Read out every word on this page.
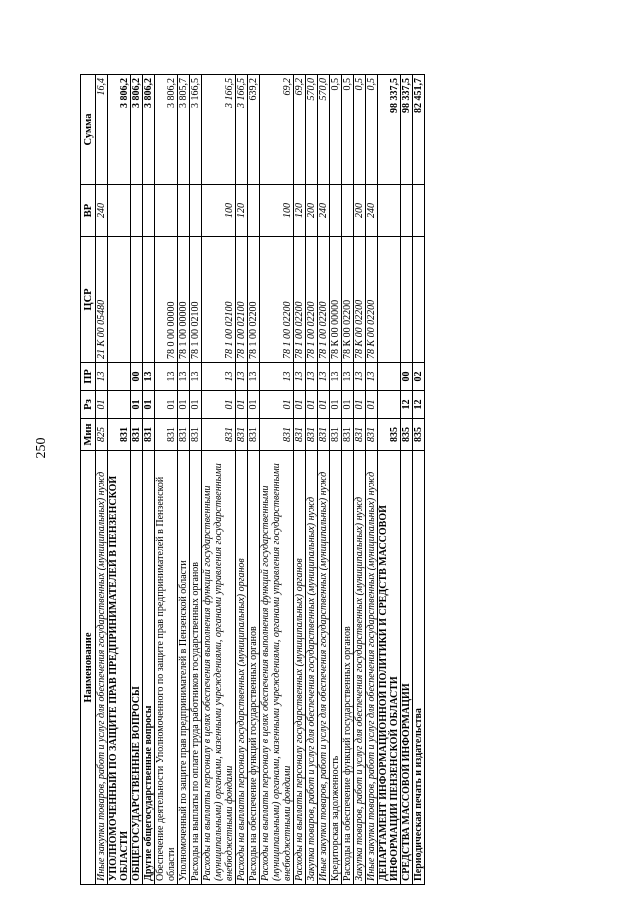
250
Наименование	Мин	Рз	ПР	ЦСР	ВР	Сумма
Иные закупки товаров, работ и услуг для обеспечения государственных (муниципальных) нужд	825	01	13	21 К 00 05480	240	16,4
УПОЛНОМОЧЕННЫЙ ПО ЗАЩИТЕ ПРАВ ПРЕДПРИНИМАТЕЛЕЙ В ПЕНЗЕНСКОЙ ОБЛАСТИ	831					3 806,2
ОБЩЕГОСУДАРСТВЕННЫЕ ВОПРОСЫ	831	01	00			3 806,2
Другие общегосударственные вопросы	831	01	13			3 806,2
Обеспечение деятельности Уполномоченного по защите прав предпринимателей в Пензенской области	831	01	13	78 0 00 00000		3 806,2
Уполномоченный по защите прав предпринимателей в Пензенской области	831	01	13	78 1 00 00000		3 805,7
Расходы на выплаты по оплате труда работников государственных органов	831	01	13	78 1 00 02100		3 166,5
Расходы на выплаты персоналу в целях обеспечения выполнения функций государственными (муниципальными) органами, казенными учреждениями, органами управления государственными внебюджетными фондами	831	01	13	78 1 00 02100	100	3 166,5
Расходы на выплаты персоналу государственных (муниципальных) органов	831	01	13	78 1 00 02100	120	3 166,5
Расходы на обеспечение функций государственных органов	831	01	13	78 1 00 02200		639,2
Расходы на выплаты персоналу в целях обеспечения выполнения функций государственными (муниципальными) органами, казенными учреждениями, органами управления государственными внебюджетными фондами	831	01	13	78 1 00 02200	100	69,2
Расходы на выплаты персоналу государственных (муниципальных) органов	831	01	13	78 1 00 02200	120	69,2
Закупка товаров, работ и услуг для обеспечения государственных (муниципальных) нужд	831	01	13	78 1 00 02200	200	570,0
Иные закупки товаров, работ и услуг для обеспечения государственных (муниципальных) нужд	831	01	13	78 1 00 02200	240	570,0
Кредиторская задолженность	831	01	13	78 К 00 00000		0,5
Расходы на обеспечение функций государственных органов	831	01	13	78 К 00 02200		0,5
Закупка товаров, работ и услуг для обеспечения государственных (муниципальных) нужд	831	01	13	78 К 00 02200	200	0,5
Иные закупки товаров, работ и услуг для обеспечения государственных (муниципальных) нужд	831	01	13	78 К 00 02200	240	0,5
ДЕПАРТАМЕНТ ИНФОРМАЦИОННОЙ ПОЛИТИКИ И СРЕДСТВ МАССОВОЙ ИНФОРМАЦИИ ПЕНЗЕНСКОЙ ОБЛАСТИ	835					98 337,5
СРЕДСТВА МАССОВОЙ ИНФОРМАЦИИ	835	12	00			98 337,5
Периодическая печать и издательства	835	12	02			82 451,7
